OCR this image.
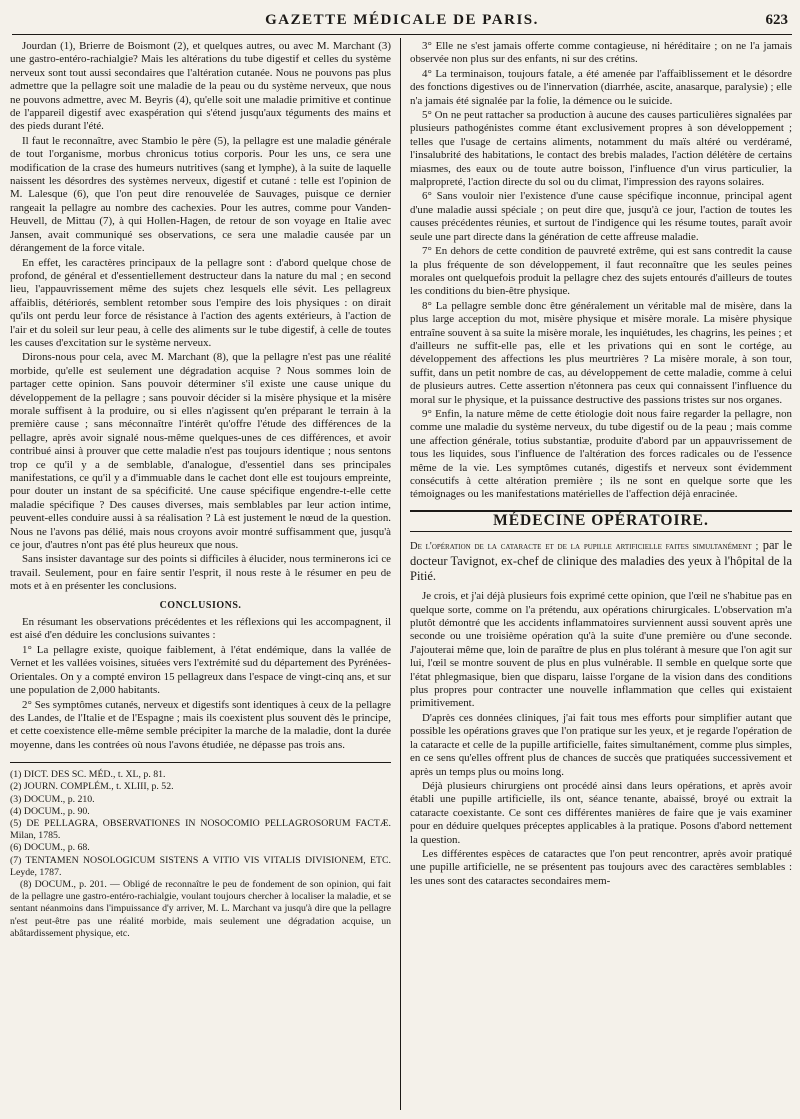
GAZETTE MÉDICALE DE PARIS.	623

Jourdan (1), Brierre de Boismont (2), et quelques autres, ou avec M. Marchant (3) une gastro-entéro-rachialgie? Mais les altérations du tube digestif et celles du système nerveux sont tout aussi secondaires que l'altération cutanée. Nous ne pouvons pas plus admettre que la pellagre soit une maladie de la peau ou du système nerveux, que nous ne pouvons admettre, avec M. Beyris (4), qu'elle soit une maladie primitive et continue de l'appareil digestif avec exaspération qui s'étend jusqu'aux téguments des mains et des pieds durant l'été.

Il faut le reconnaître, avec Stambio le père (5), la pellagre est une maladie générale de tout l'organisme, morbus chronicus totius corporis. Pour les uns, ce sera une modification de la crase des humeurs nutritives (sang et lymphe), à la suite de laquelle naissent les désordres des systèmes nerveux, digestif et cutané : telle est l'opinion de M. Lalesque (6), que l'on peut dire renouvelée de Sauvages, puisque ce dernier rangeait la pellagre au nombre des cachexies. Pour les autres, comme pour Vanden-Heuvell, de Mittau (7), à qui Hollen-Hagen, de retour de son voyage en Italie avec Jansen, avait communiqué ses observations, ce sera une maladie causée par un dérangement de la force vitale.

En effet, les caractères principaux de la pellagre sont : d'abord quelque chose de profond, de général et d'essentiellement destructeur dans la nature du mal ; en second lieu, l'appauvrissement même des sujets chez lesquels elle sévit. Les pellagreux affaiblis, détériorés, semblent retomber sous l'empire des lois physiques : on dirait qu'ils ont perdu leur force de résistance à l'action des agents extérieurs, à l'action de l'air et du soleil sur leur peau, à celle des aliments sur le tube digestif, à celle de toutes les causes d'excitation sur le système nerveux.

Dirons-nous pour cela, avec M. Marchant (8), que la pellagre n'est pas une réalité morbide, qu'elle est seulement une dégradation acquise ? Nous sommes loin de partager cette opinion. Sans pouvoir déterminer s'il existe une cause unique du développement de la pellagre ; sans pouvoir décider si la misère physique et la misère morale suffisent à la produire, ou si elles n'agissent qu'en préparant le terrain à la première cause ; sans méconnaître l'intérêt qu'offre l'étude des différences de la pellagre, après avoir signalé nous-même quelques-unes de ces différences, et avoir contribué ainsi à prouver que cette maladie n'est pas toujours identique ; nous sentons trop ce qu'il y a de semblable, d'analogue, d'essentiel dans ses principales manifestations, ce qu'il y a d'immuable dans le cachet dont elle est toujours empreinte, pour douter un instant de sa spécificité. Une cause spécifique engendre-t-elle cette maladie spécifique ? Des causes diverses, mais semblables par leur action intime, peuvent-elles conduire aussi à sa réalisation ? Là est justement le nœud de la question. Nous ne l'avons pas délié, mais nous croyons avoir montré suffisamment que, jusqu'à ce jour, d'autres n'ont pas été plus heureux que nous.

Sans insister davantage sur des points si difficiles à élucider, nous terminerons ici ce travail. Seulement, pour en faire sentir l'esprit, il nous reste à le résumer en peu de mots et à en présenter les conclusions.

CONCLUSIONS.

En résumant les observations précédentes et les réflexions qui les accompagnent, il est aisé d'en déduire les conclusions suivantes :

1° La pellagre existe, quoique faiblement, à l'état endémique, dans la vallée de Vernet et les vallées voisines, situées vers l'extrémité sud du département des Pyrénées-Orientales. On y a compté environ 15 pellagreux dans l'espace de vingt-cinq ans, et sur une population de 2,000 habitants.

2° Ses symptômes cutanés, nerveux et digestifs sont identiques à ceux de la pellagre des Landes, de l'Italie et de l'Espagne ; mais ils coexistent plus souvent dès le principe, et cette coexistence elle-même semble précipiter la marche de la maladie, dont la durée moyenne, dans les contrées où nous l'avons étudiée, ne dépasse pas trois ans.

(1) DICT. DES SC. MÉD., t. XL, p. 81.

(2) JOURN. COMPLÉM., t. XLIII, p. 52.

(3) DOCUM., p. 210.

(4) DOCUM., p. 90.

(5) DE PELLAGRA, OBSERVATIONES IN NOSOCOMIO PELLAGROSORUM FACTÆ. Milan, 1785.

(6) DOCUM., p. 68.

(7) TENTAMEN NOSOLOGICUM SISTENS A VITIO VIS VITALIS DIVISIONEM, ETC. Leyde, 1787.

(8) DOCUM., p. 201. — Obligé de reconnaître le peu de fondement de son opinion, qui fait de la pellagre une gastro-entéro-rachialgie, voulant toujours chercher à localiser la maladie, et se sentant néanmoins dans l'impuissance d'y arriver, M. L. Marchant va jusqu'à dire que la pellagre n'est peut-être pas une réalité morbide, mais seulement une dégradation acquise, un abâtardissement physique, etc.

3° Elle ne s'est jamais offerte comme contagieuse, ni héréditaire ; on ne l'a jamais observée non plus sur des enfants, ni sur des crétins.

4° La terminaison, toujours fatale, a été amenée par l'affaiblissement et le désordre des fonctions digestives ou de l'innervation (diarrhée, ascite, anasarque, paralysie) ; elle n'a jamais été signalée par la folie, la démence ou le suicide.

5° On ne peut rattacher sa production à aucune des causes particulières signalées par plusieurs pathogénistes comme étant exclusivement propres à son développement ; telles que l'usage de certains aliments, notamment du maïs altéré ou verdéramé, l'insalubrité des habitations, le contact des brebis malades, l'action délétère de certains miasmes, des eaux ou de toute autre boisson, l'influence d'un virus particulier, la malpropreté, l'action directe du sol ou du climat, l'impression des rayons solaires.

6° Sans vouloir nier l'existence d'une cause spécifique inconnue, principal agent d'une maladie aussi spéciale ; on peut dire que, jusqu'à ce jour, l'action de toutes les causes précédentes réunies, et surtout de l'indigence qui les résume toutes, paraît avoir seule une part directe dans la génération de cette affreuse maladie.

7° En dehors de cette condition de pauvreté extrême, qui est sans contredit la cause la plus fréquente de son développement, il faut reconnaître que les seules peines morales ont quelquefois produit la pellagre chez des sujets entourés d'ailleurs de toutes les conditions du bien-être physique.

8° La pellagre semble donc être généralement un véritable mal de misère, dans la plus large acception du mot, misère physique et misère morale. La misère physique entraîne souvent à sa suite la misère morale, les inquiétudes, les chagrins, les peines ; et d'ailleurs ne suffit-elle pas, elle et les privations qui en sont le cortége, au développement des affections les plus meurtrières ? La misère morale, à son tour, suffit, dans un petit nombre de cas, au développement de cette maladie, comme à celui de plusieurs autres. Cette assertion n'étonnera pas ceux qui connaissent l'influence du moral sur le physique, et la puissance destructive des passions tristes sur nos organes.

9° Enfin, la nature même de cette étiologie doit nous faire regarder la pellagre, non comme une maladie du système nerveux, du tube digestif ou de la peau ; mais comme une affection générale, totius substantiæ, produite d'abord par un appauvrissement de tous les liquides, sous l'influence de l'altération des forces radicales ou de l'essence même de la vie. Les symptômes cutanés, digestifs et nerveux sont évidemment consécutifs à cette altération première ; ils ne sont en quelque sorte que les témoignages ou les manifestations matérielles de l'affection déjà enracinée.

MÉDECINE OPÉRATOIRE.
De l'opération de la cataracte et de la pupille artificielle faites simultanément ; par le docteur Tavignot, ex-chef de clinique des maladies des yeux à l'hôpital de la Pitié.

Je crois, et j'ai déjà plusieurs fois exprimé cette opinion, que l'œil ne s'habitue pas en quelque sorte, comme on l'a prétendu, aux opérations chirurgicales. L'observation m'a plutôt démontré que les accidents inflammatoires surviennent aussi souvent après une seconde ou une troisième opération qu'à la suite d'une première ou d'une seconde. J'ajouterai même que, loin de paraître de plus en plus tolérant à mesure que l'on agit sur lui, l'œil se montre souvent de plus en plus vulnérable. Il semble en quelque sorte que l'état phlegmasique, bien que disparu, laisse l'organe de la vision dans des conditions plus propres pour contracter une nouvelle inflammation que celles qui existaient primitivement.

D'après ces données cliniques, j'ai fait tous mes efforts pour simplifier autant que possible les opérations graves que l'on pratique sur les yeux, et je regarde l'opération de la cataracte et celle de la pupille artificielle, faites simultanément, comme plus simples, en ce sens qu'elles offrent plus de chances de succès que pratiquées successivement et après un temps plus ou moins long.

Déjà plusieurs chirurgiens ont procédé ainsi dans leurs opérations, et après avoir établi une pupille artificielle, ils ont, séance tenante, abaissé, broyé ou extrait la cataracte coexistante. Ce sont ces différentes manières de faire que je vais examiner pour en déduire quelques préceptes applicables à la pratique. Posons d'abord nettement la question.

Les différentes espèces de cataractes que l'on peut rencontrer, après avoir pratiqué une pupille artificielle, ne se présentent pas toujours avec des caractères semblables : les unes sont des cataractes secondaires mem-
